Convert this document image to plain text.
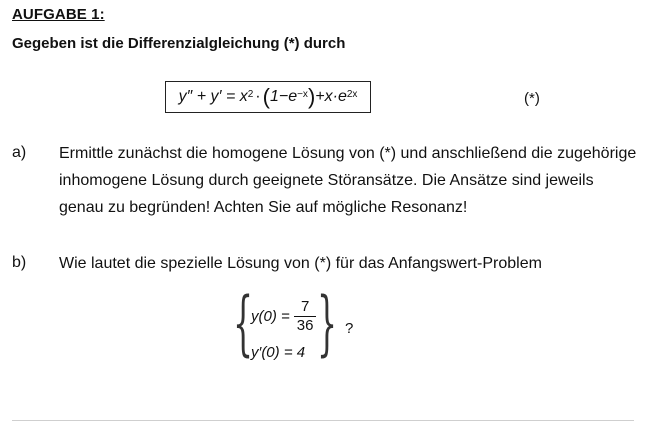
AUFGABE 1:
Gegeben ist die Differenzialgleichung (*) durch
$y'' + y' = x^2$ · ( $1-e^{-x}$ ) $+x\cdot e^{2x}$	(*)
a) Ermittle zunächst die homogene Lösung von (*) und anschließend die zugehörige inhomogene Lösung durch geeignete Störansätze. Die Ansätze sind jeweils genau zu begründen! Achten Sie auf mögliche Resonanz!
b) Wie lautet die spezielle Lösung von (*) für das Anfangswert-Problem
{
$y(0) = \frac{7}{36}$
y′(0) = 4 } ?
